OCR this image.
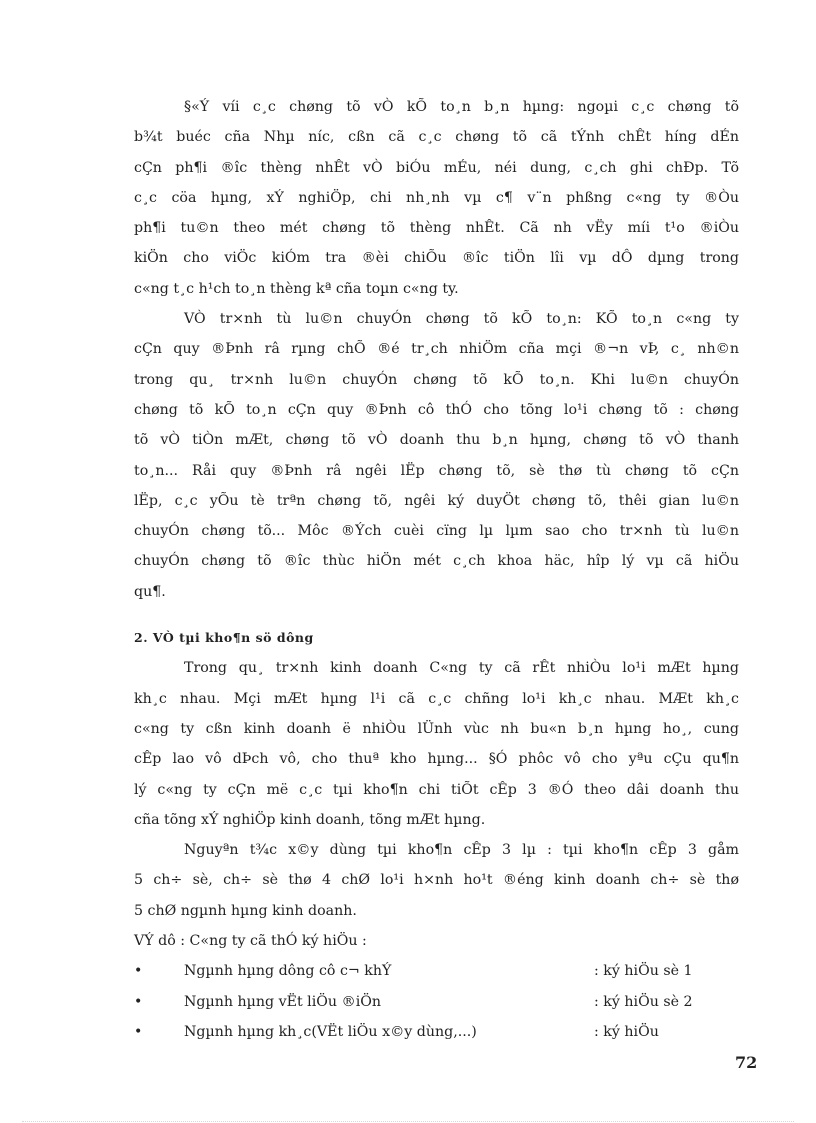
§«Ý víi c¸c chøng tõ vÒ kÕ to¸n b¸n hµng: ngoµi c¸c chøng tõ
b¾t buéc cña Nhµ níc, cßn cã c¸c chøng tõ cã tÝnh chÊt híng dÉn
cÇn ph¶i ®îc thèng nhÊt vÒ biÓu mÉu, néi dung, c¸ch ghi chÐp. Tõ
c¸c cöa hµng, xÝ nghiÖp, chi nh¸nh vµ c¶ v¨n phßng c«ng ty ®Òu
ph¶i tu©n theo mét chøng tõ thèng nhÊt. Cã nh vËy míi t¹o ®iÒu
kiÖn cho viÖc kiÓm tra ®èi chiÕu ®îc tiÖn lîi vµ dÔ dµng trong
c«ng t¸c h¹ch to¸n thèng kª cña toµn c«ng ty.
VÒ tr×nh tù lu©n chuyÓn chøng tõ kÕ to¸n: KÕ to¸n c«ng ty
cÇn quy ®Þnh râ rµng chÕ ®é tr¸ch nhiÖm cña mçi ®¬n vÞ, c¸ nh©n
trong qu¸ tr×nh lu©n chuyÓn chøng tõ kÕ to¸n. Khi lu©n chuyÓn
chøng tõ kÕ to¸n cÇn quy ®Þnh cô thÓ cho tõng lo¹i chøng tõ : chøng
tõ vÒ tiÒn mÆt, chøng tõ vÒ doanh thu b¸n hµng, chøng tõ vÒ thanh
to¸n... Råi quy ®Þnh râ ngêi lËp chøng tõ, sè thø tù chøng tõ cÇn
lËp, c¸c yÕu tè trªn chøng tõ, ngêi ký duyÖt chøng tõ, thêi gian lu©n
chuyÓn chøng tõ... Môc ®Ých cuèi cïng lµ lµm sao cho tr×nh tù lu©n
chuyÓn chøng tõ ®îc thùc hiÖn mét c¸ch khoa häc, hîp lý vµ cã hiÖu
qu¶.
2. VÒ tµi kho¶n sö dông
Trong qu¸ tr×nh kinh doanh C«ng ty cã rÊt nhiÒu lo¹i mÆt hµng
kh¸c nhau. Mçi mÆt hµng l¹i cã c¸c chñng lo¹i kh¸c nhau. MÆt kh¸c
c«ng ty cßn kinh doanh ë nhiÒu lÜnh vùc nh bu«n b¸n hµng ho¸, cung
cÊp lao vô dÞch vô, cho thuª kho hµng... §Ó phôc vô cho yªu cÇu qu¶n
lý c«ng ty cÇn më c¸c tµi kho¶n chi tiÕt cÊp 3 ®Ó theo dâi doanh thu
cña tõng xÝ nghiÖp kinh doanh, tõng mÆt hµng.
Nguyªn t¾c x©y dùng tµi kho¶n cÊp 3 lµ : tµi kho¶n cÊp 3 gåm
5 ch÷ sè, ch÷ sè thø 4 chØ lo¹i h×nh ho¹t ®éng kinh doanh ch÷ sè thø
5 chØ ngµnh hµng kinh doanh.
VÝ dô : C«ng ty cã thÓ ký hiÖu :
•	Ngµnh hµng dông cô c¬ khÝ	: ký hiÖu sè 1
•	Ngµnh hµng vËt liÖu ®iÖn	: ký hiÖu sè 2
•	Ngµnh hµng kh¸c(VËt liÖu x©y dùng,...)	: ký hiÖu
72
